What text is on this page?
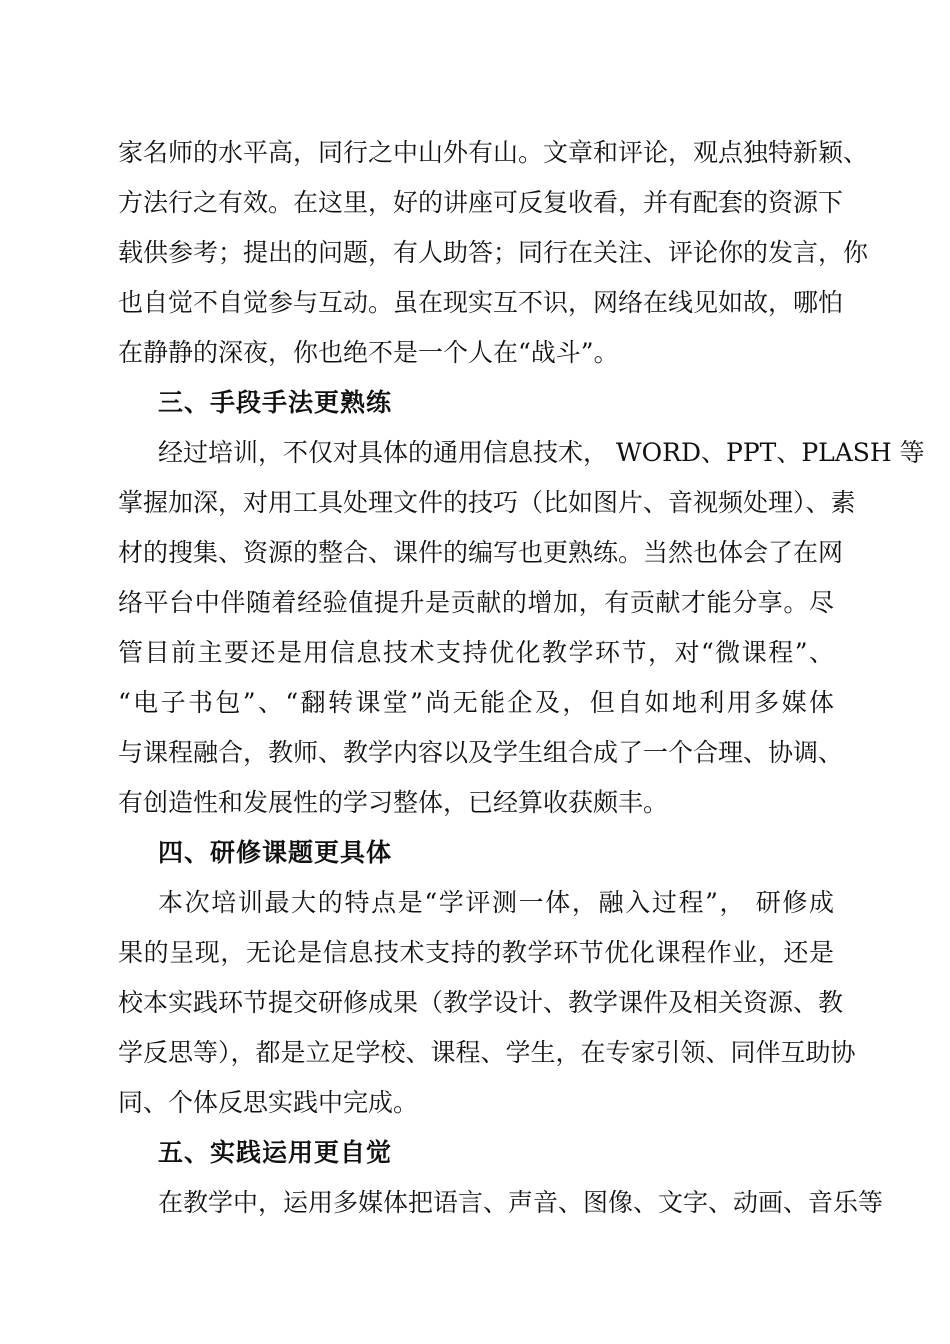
家名师的水平高，同行之中山外有山。文章和评论，观点独特新颖、
方法行之有效。在这里，好的讲座可反复收看，并有配套的资源下
载供参考；提出的问题，有人助答；同行在关注、评论你的发言，你
也自觉不自觉参与互动。虽在现实互不识，网络在线见如故，哪怕
在静静的深夜，你也绝不是一个人在“战斗”。
三、手段手法更熟练
经过培训，不仅对具体的通用信息技术， WORD、PPT、PLASH 等
掌握加深，对用工具处理文件的技巧（比如图片、音视频处理）、素
材的搜集、资源的整合、课件的编写也更熟练。当然也体会了在网
络平台中伴随着经验值提升是贡献的增加，有贡献才能分享。尽
管目前主要还是用信息技术支持优化教学环节，对“微课程”、
“电子书包”、“翻转课堂”尚无能企及，但自如地利用多媒体
与课程融合，教师、教学内容以及学生组合成了一个合理、协调、
有创造性和发展性的学习整体，已经算收获颇丰。
四、研修课题更具体
本次培训最大的特点是“学评测一体，融入过程”， 研修成
果的呈现，无论是信息技术支持的教学环节优化课程作业，还是
校本实践环节提交研修成果（教学设计、教学课件及相关资源、教
学反思等），都是立足学校、课程、学生，在专家引领、同伴互助协
同、个体反思实践中完成。
五、实践运用更自觉
在教学中，运用多媒体把语言、声音、图像、文字、动画、音乐等
